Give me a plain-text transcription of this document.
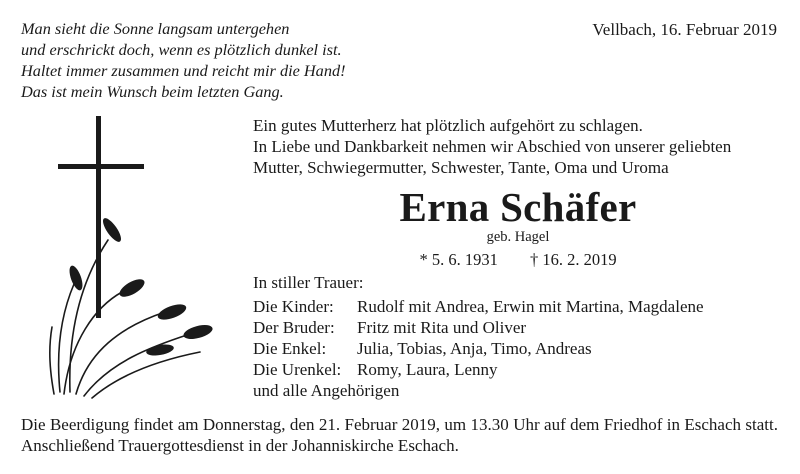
Man sieht die Sonne langsam untergehen
und erschrickt doch, wenn es plötzlich dunkel ist.
Haltet immer zusammen und reicht mir die Hand!
Das ist mein Wunsch beim letzten Gang.
Vellbach, 16. Februar 2019
Ein gutes Mutterherz hat plötzlich aufgehört zu schlagen.
In Liebe und Dankbarkeit nehmen wir Abschied von unserer geliebten
Mutter, Schwiegermutter, Schwester, Tante, Oma und Uroma
Erna Schäfer
geb. Hagel
* 5. 6. 1931 † 16. 2. 2019
In stiller Trauer:
Die Kinder:	Rudolf mit Andrea, Erwin mit Martina, Magdalene
Der Bruder:	Fritz mit Rita und Oliver
Die Enkel:	Julia, Tobias, Anja, Timo, Andreas
Die Urenkel: Romy, Laura, Lenny
und alle Angehörigen
Die Beerdigung findet am Donnerstag, den 21. Februar 2019, um 13.30 Uhr auf dem Friedhof in Eschach statt. Anschließend Trauergottesdienst in der Johanniskirche Eschach.
